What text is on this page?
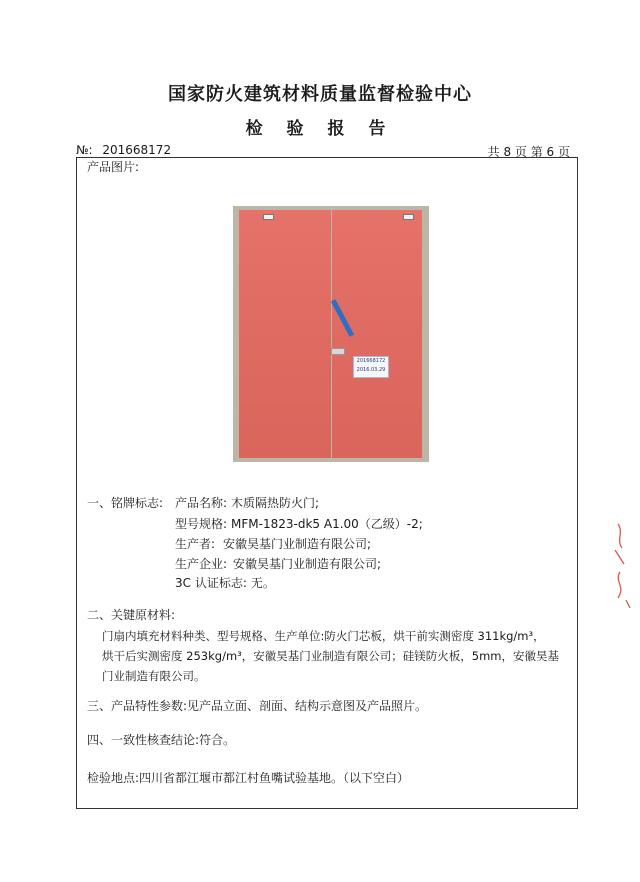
国家防火建筑材料质量监督检验中心
检 验 报 告
№: 201668172	共 8 页 第 6 页
产品图片:
201668172
2016.03.29
一、铭牌标志: 产品名称: 木质隔热防火门;
型号规格: MFM-1823-dk5 A1.00（乙级）-2;
生产者: 安徽昊基门业制造有限公司;
生产企业: 安徽昊基门业制造有限公司;
3C 认证标志: 无。
二、关键原材料:
门扇内填充材料种类、型号规格、生产单位:防火门芯板，烘干前实测密度 311kg/m³，
烘干后实测密度 253kg/m³，安徽昊基门业制造有限公司；硅镁防火板，5mm，安徽昊基
门业制造有限公司。
三、产品特性参数:见产品立面、剖面、结构示意图及产品照片。
四、一致性核查结论:符合。
检验地点:四川省都江堰市都江村鱼嘴试验基地。（以下空白）
